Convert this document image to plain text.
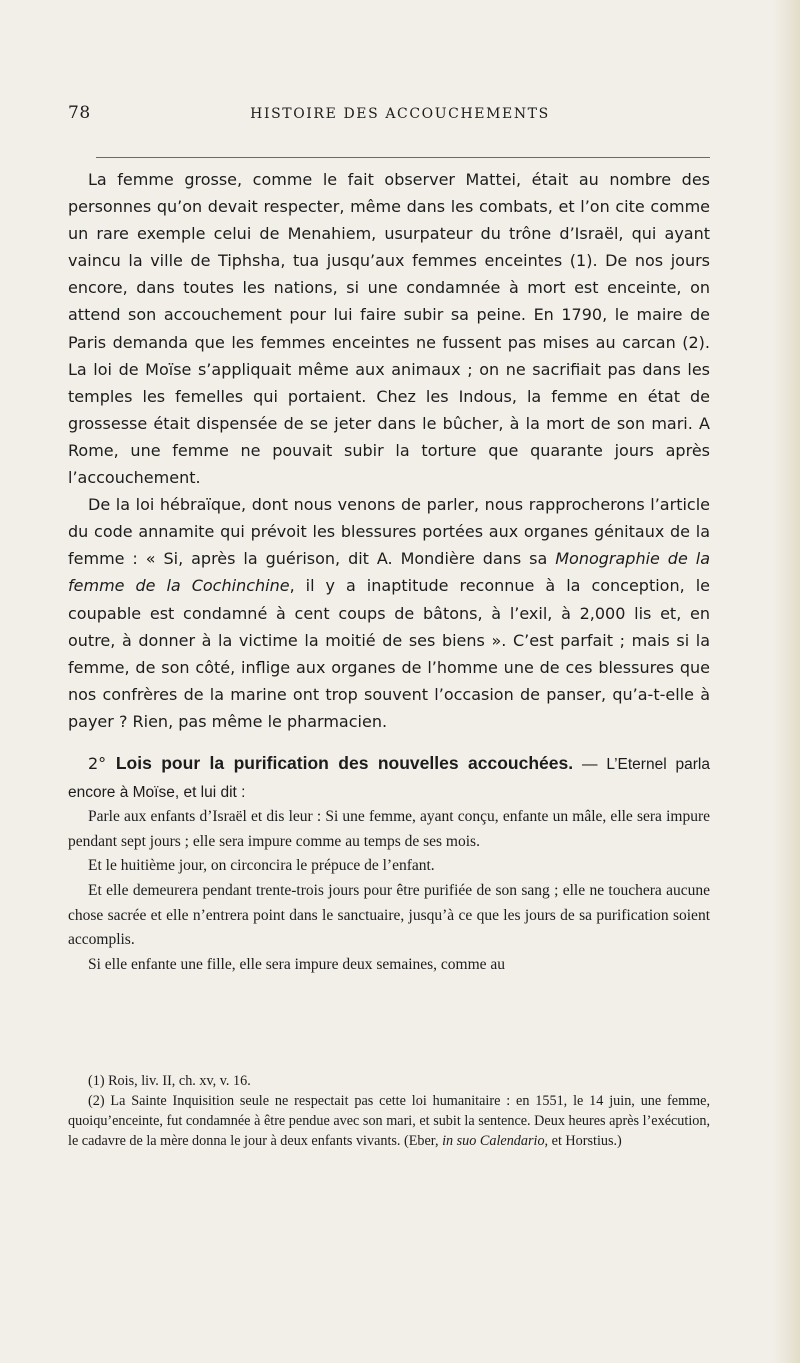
78	HISTOIRE DES ACCOUCHEMENTS

La femme grosse, comme le fait observer Mattei, était au nombre des personnes qu’on devait respecter, même dans les combats, et l’on cite comme un rare exemple celui de Menahiem, usurpateur du trône d’Israël, qui ayant vaincu la ville de Tiphsha, tua jusqu’aux femmes enceintes (1). De nos jours encore, dans toutes les nations, si une condamnée à mort est enceinte, on attend son accouchement pour lui faire subir sa peine. En 1790, le maire de Paris demanda que les femmes enceintes ne fussent pas mises au carcan (2). La loi de Moïse s’appliquait même aux animaux ; on ne sacrifiait pas dans les temples les femelles qui portaient. Chez les Indous, la femme en état de grossesse était dispensée de se jeter dans le bûcher, à la mort de son mari. A Rome, une femme ne pouvait subir la torture que quarante jours après l’accouchement.

De la loi hébraïque, dont nous venons de parler, nous rapprocherons l’article du code annamite qui prévoit les blessures portées aux organes génitaux de la femme : « Si, après la guérison, dit A. Mondière dans sa Monographie de la femme de la Cochinchine, il y a inaptitude reconnue à la conception, le coupable est condamné à cent coups de bâtons, à l’exil, à 2,000 lis et, en outre, à donner à la victime la moitié de ses biens ». C’est parfait ; mais si la femme, de son côté, inflige aux organes de l’homme une de ces blessures que nos confrères de la marine ont trop souvent l’occasion de panser, qu’a-t-elle à payer ? Rien, pas même le pharmacien.

2° Lois pour la purification des nouvelles accouchées. — L’Eternel parla encore à Moïse, et lui dit :

Parle aux enfants d’Israël et dis leur : Si une femme, ayant conçu, enfante un mâle, elle sera impure pendant sept jours ; elle sera impure comme au temps de ses mois.

Et le huitième jour, on circoncira le prépuce de l’enfant.

Et elle demeurera pendant trente-trois jours pour être purifiée de son sang ; elle ne touchera aucune chose sacrée et elle n’entrera point dans le sanctuaire, jusqu’à ce que les jours de sa purification soient accomplis.

Si elle enfante une fille, elle sera impure deux semaines, comme au

(1) Rois, liv. II, ch. xv, v. 16.

(2) La Sainte Inquisition seule ne respectait pas cette loi humanitaire : en 1551, le 14 juin, une femme, quoiqu’enceinte, fut condamnée à être pendue avec son mari, et subit la sentence. Deux heures après l’exécution, le cadavre de la mère donna le jour à deux enfants vivants. (Eber, in suo Calendario, et Horstius.)
